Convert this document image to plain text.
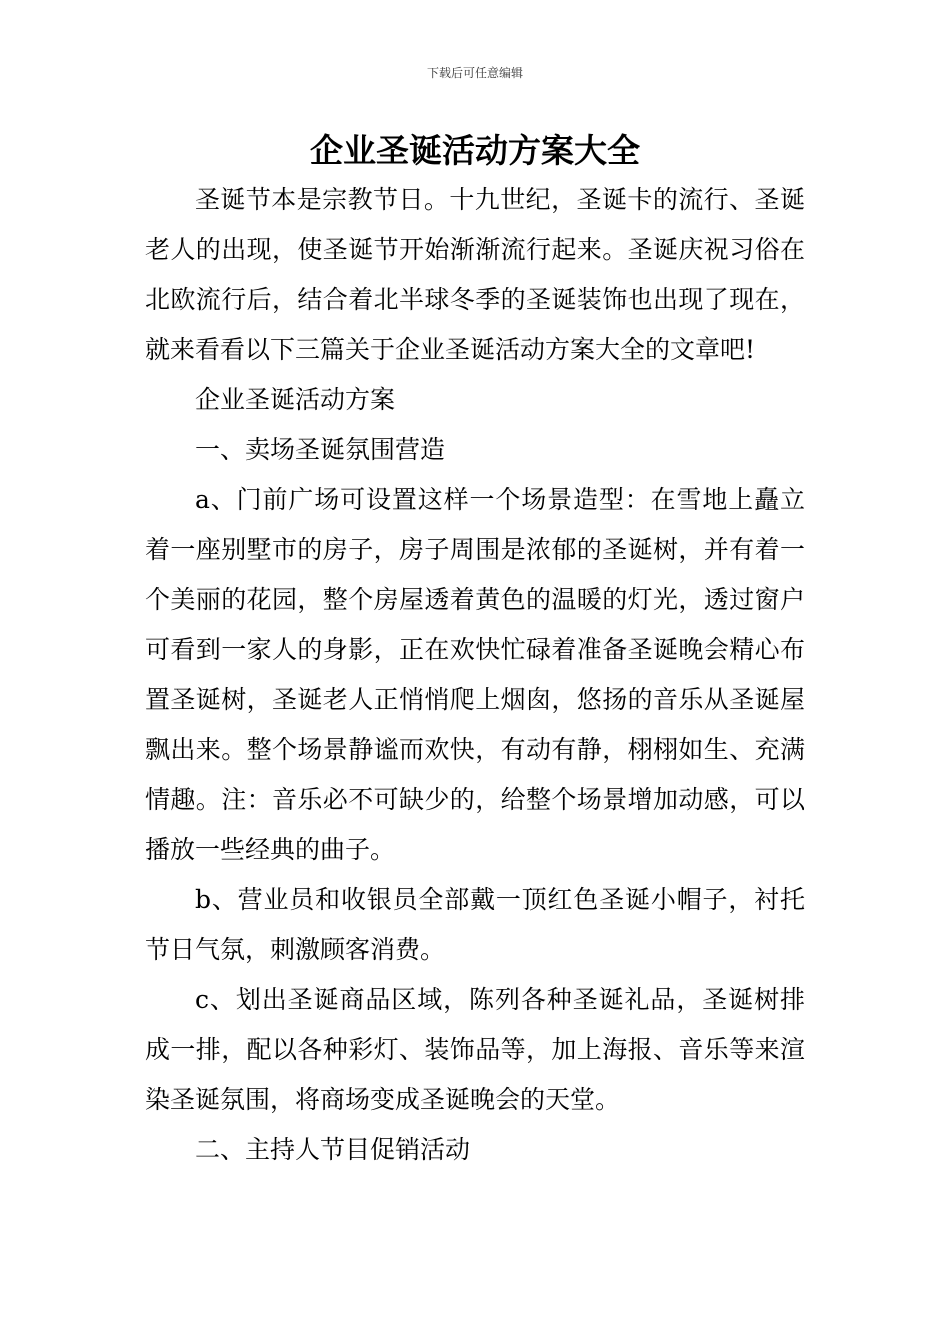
下载后可任意编辑
企业圣诞活动方案大全

圣诞节本是宗教节日。十九世纪，圣诞卡的流行、圣诞老人的出现，使圣诞节开始渐渐流行起来。圣诞庆祝习俗在北欧流行后，结合着北半球冬季的圣诞装饰也出现了现在，就来看看以下三篇关于企业圣诞活动方案大全的文章吧!

企业圣诞活动方案

一、卖场圣诞氛围营造

a、门前广场可设置这样一个场景造型：在雪地上矗立着一座别墅市的房子，房子周围是浓郁的圣诞树，并有着一个美丽的花园，整个房屋透着黄色的温暖的灯光，透过窗户可看到一家人的身影，正在欢快忙碌着准备圣诞晚会精心布置圣诞树，圣诞老人正悄悄爬上烟囱，悠扬的音乐从圣诞屋飘出来。整个场景静谧而欢快，有动有静，栩栩如生、充满情趣。注：音乐必不可缺少的，给整个场景增加动感，可以播放一些经典的曲子。

b、营业员和收银员全部戴一顶红色圣诞小帽子，衬托节日气氛，刺激顾客消费。

c、划出圣诞商品区域，陈列各种圣诞礼品，圣诞树排成一排，配以各种彩灯、装饰品等，加上海报、音乐等来渲染圣诞氛围，将商场变成圣诞晚会的天堂。

二、主持人节目促销活动
